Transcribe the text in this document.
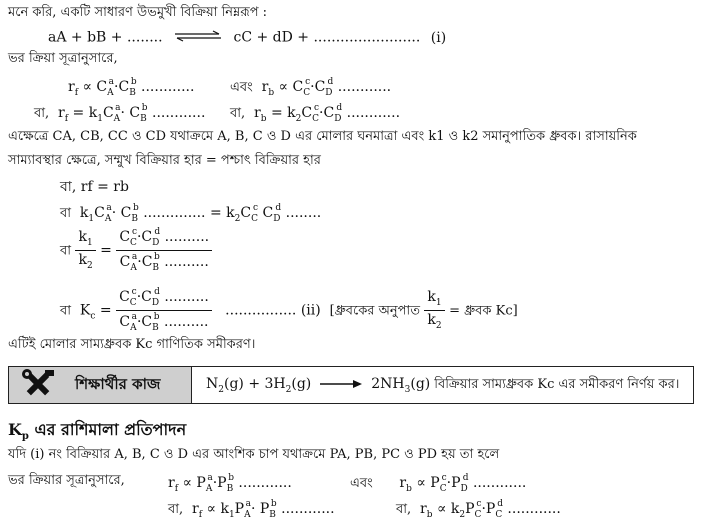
মনে করি, একটি সাধারণ উভমুখী বিক্রিয়া নিম্নরূপ :
aA + bB + ........ ⇌ cC + dD + ........................ (i)
ভর ক্রিয়া সূত্রানুসারে,
$r_f \propto C_A^a\cdot C_B^b$ ............	এবং  $r_b \propto C_C^c\cdot C_D^d$ ............
বা,  $r_f = k_1C_A^a\cdot C_B^b$ ............ বা,  $r_b = k_2C_C^c\cdot C_D^d$ ............
এক্ষেত্রে CA, CB, CC ও CD যথাক্রমে A, B, C ও D এর মোলার ঘনমাত্রা এবং k1 ও k2 সমানুপাতিক ধ্রুবক। রাসায়নিক
সাম্যাবস্থার ক্ষেত্রে, সম্মুখ বিক্রিয়ার হার = পশ্চাৎ বিক্রিয়ার হার
বা, rf = rb
বা  $k_1C_A^a\cdot C_B^b$ .............. = $k_2C_C^c$ $C_D^d$ ........
বা $\frac{k_1}{k_2} = \frac{C_C^c\cdot C_D^d ..........}{C_A^a\cdot C_B^b ..........}$
বা  $K_c = \frac{C_C^c\cdot C_D^d ..........}{C_A^a\cdot C_B^b ..........}$ ................ (ii) [ধ্রুবকের অনুপাত $\frac{k_1}{k_2}$ = ধ্রুবক Kc]
এটিই মোলার সাম্যধ্রুবক Kc গাণিতিক সমীকরণ।
শিক্ষার্থীর কাজ	$N_2(g) + 3H_2(g)$	$2NH_3(g)$ বিক্রিয়ার সাম্যধ্রুবক Kc এর সমীকরণ নির্ণয় কর।
$K_p$ এর রাশিমালা প্রতিপাদন
যদি (i) নং বিক্রিয়ার A, B, C ও D এর আংশিক চাপ যথাক্রমে PA, PB, PC ও PD হয় তা হলে
ভর ক্রিয়ার সূত্রানুসারে,	$r_f \propto P_A^a\cdot P_B^b$ ............	এবং      $r_b \propto P_C^c\cdot P_D^d$ ............
বা,  $r_f \propto k_1P_A^a\cdot P_B^b$ ............	বা,  $r_b \propto k_2P_C^c\cdot P_C^d$ ............
